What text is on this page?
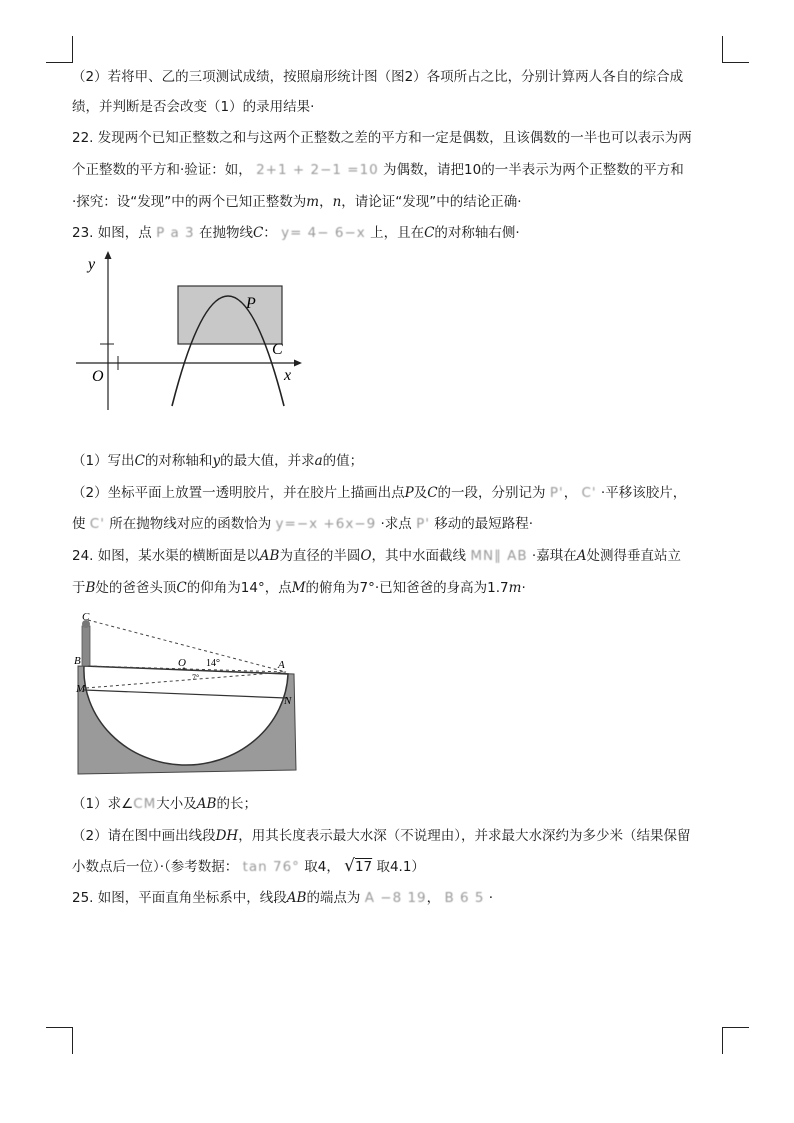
（2）若将甲、乙的三项测试成绩，按照扇形统计图（图2）各项所占之比，分别计算两人各自的综合成
绩，并判断是否会改变（1）的录用结果·
22. 发现两个已知正整数之和与这两个正整数之差的平方和一定是偶数，且该偶数的一半也可以表示为两
个正整数的平方和·验证：如， 2+1 + 2−1 =10 为偶数，请把10的一半表示为两个正整数的平方和
·探究：设“发现”中的两个已知正整数为m，n，请论证“发现”中的结论正确·
23. 如图，点 P a 3 在抛物线C： y= 4− 6−x 上，且在C的对称轴右侧·
y
O	x
P
C
（1）写出C的对称轴和y的最大值，并求a的值；
（2）坐标平面上放置一透明胶片，并在胶片上描画出点P及C的一段，分别记为 P'， C' ·平移该胶片，
使 C' 所在抛物线对应的函数恰为 y=−x +6x−9 ·求点 P' 移动的最短路程·
24. 如图，某水渠的横断面是以AB为直径的半圆O，其中水面截线 MN∥ AB ·嘉琪在A处测得垂直站立
于B处的爸爸头顶C的仰角为14°，点M的俯角为7°·已知爸爸的身高为1.7m·
C
B
M
O	A
N
14°
7°
（1）求∠CM大小及AB的长；
（2）请在图中画出线段DH，用其长度表示最大水深（不说理由），并求最大水深约为多少米（结果保留
小数点后一位）·（参考数据： tan 76° 取4， √17 取4.1）
25. 如图，平面直角坐标系中，线段AB的端点为 A −8 19， B 6 5 ·
